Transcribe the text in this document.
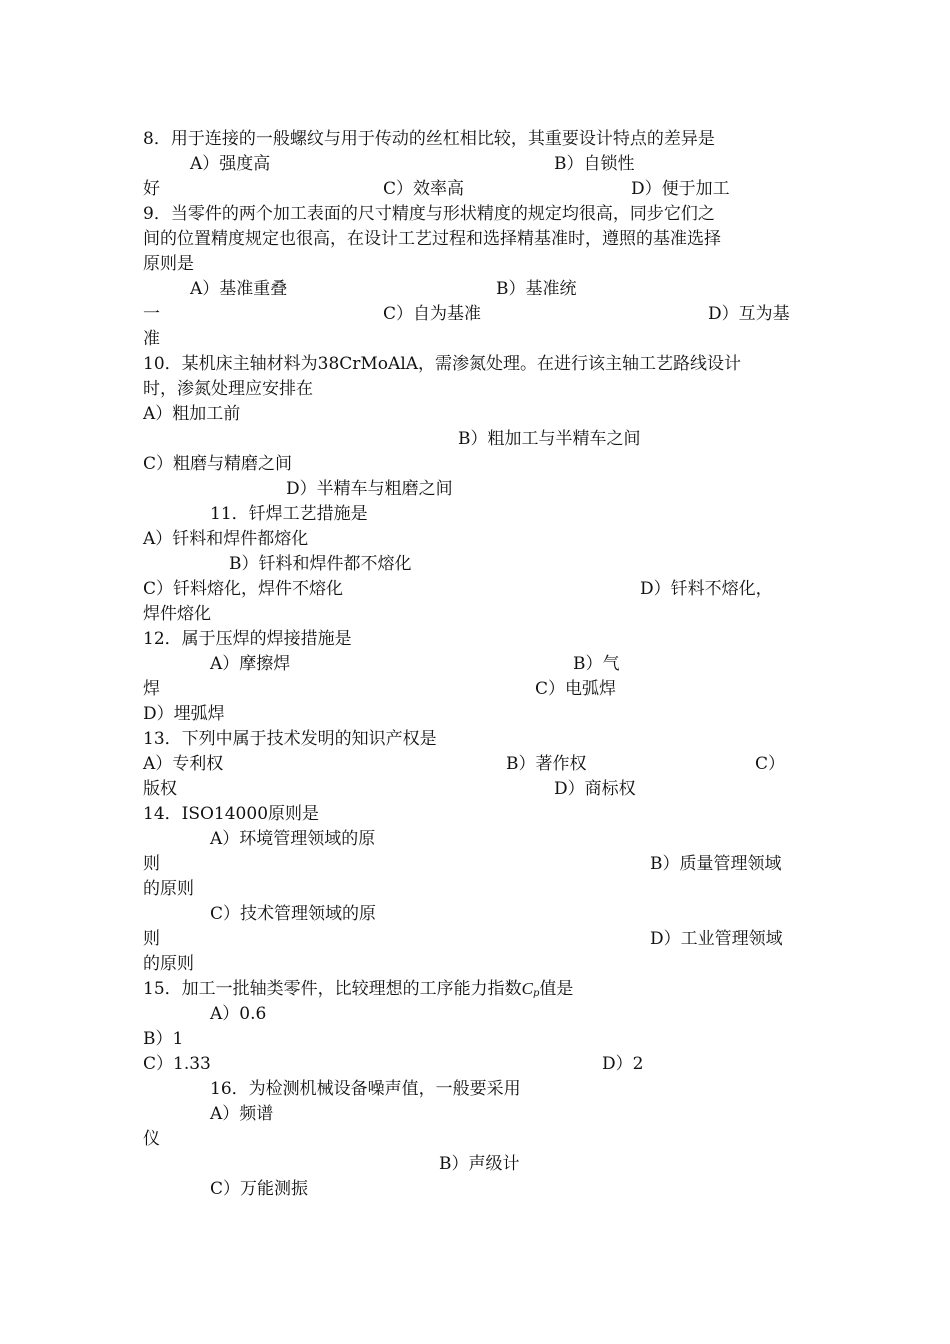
8．用于连接的一般螺纹与用于传动的丝杠相比较，其重要设计特点的差异是
A）强度高	B）自锁性
好	C）效率高	D）便于加工
9．当零件的两个加工表面的尺寸精度与形状精度的规定均很高，同步它们之
间的位置精度规定也很高，在设计工艺过程和选择精基准时，遵照的基准选择
原则是
A）基准重叠	B）基准统
一	C）自为基准	D）互为基
准
10．某机床主轴材料为38CrMoAlA，需渗氮处理。在进行该主轴工艺路线设计
时，渗氮处理应安排在
A）粗加工前
B）粗加工与半精车之间
C）粗磨与精磨之间
D）半精车与粗磨之间
11．钎焊工艺措施是
A）钎料和焊件都熔化
B）钎料和焊件都不熔化
C）钎料熔化，焊件不熔化	D）钎料不熔化，
焊件熔化
12．属于压焊的焊接措施是
A）摩擦焊	B）气
焊	C）电弧焊
D）埋弧焊
13．下列中属于技术发明的知识产权是
A）专利权	B）著作权	C）
版权	D）商标权
14．ISO14000原则是
A）环境管理领域的原
则	B）质量管理领域
的原则
C）技术管理领域的原
则	D）工业管理领域
的原则
15．加工一批轴类零件，比较理想的工序能力指数$C_p$值是
A）0.6
B）1
C）1.33	D）2
16．为检测机械设备噪声值，一般要采用
A）频谱
仪
B）声级计
C）万能测振
